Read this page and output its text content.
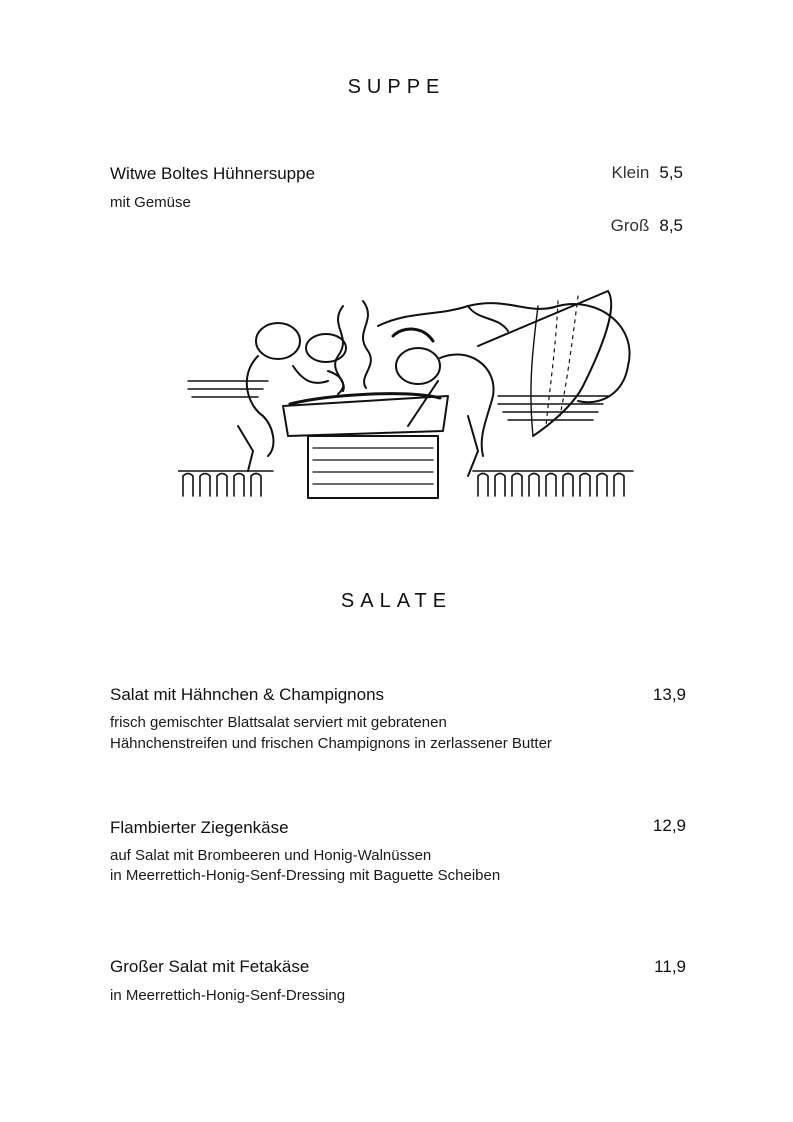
SUPPE
Witwe Boltes Hühnersuppe
mit Gemüse
Klein 5,5
Groß 8,5
SALATE
Salat mit Hähnchen & Champignons	13,9
frisch gemischter Blattsalat serviert mit gebratenen
Hähnchenstreifen und frischen Champignons in zerlassener Butter
Flambierter Ziegenkäse	12,9
auf Salat mit Brombeeren und Honig-Walnüssen
in Meerrettich-Honig-Senf-Dressing mit Baguette Scheiben
Großer Salat mit Fetakäse	11,9
in Meerrettich-Honig-Senf-Dressing
